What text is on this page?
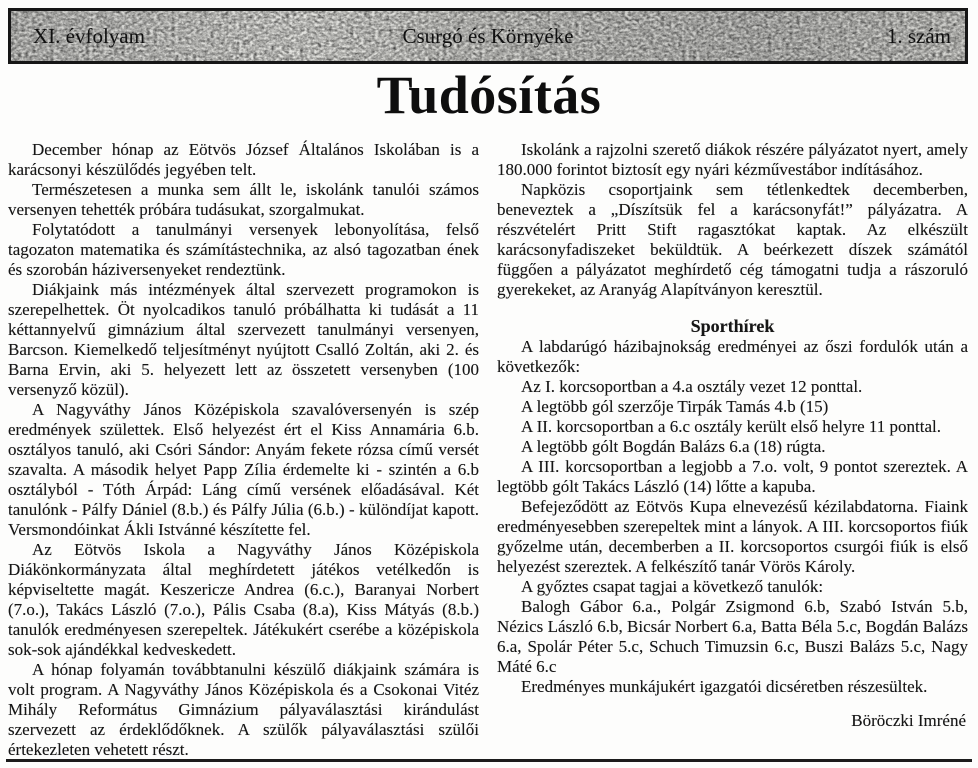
XI. évfolyam	Csurgó és Környéke	1. szám
Tudósítás

December hónap az Eötvös József Általános Iskolában is a karácsonyi készülődés jegyében telt.

Természetesen a munka sem állt le, iskolánk tanulói számos versenyen tehették próbára tudásukat, szorgalmukat.

Folytatódott a tanulmányi versenyek lebonyolítása, felső tagozaton matematika és számítástechnika, az alsó tagozatban ének és szorobán háziversenyeket rendeztünk.

Diákjaink más intézmények által szervezett programokon is szerepelhettek. Öt nyolcadikos tanuló próbálhatta ki tudását a 11 kéttannyelvű gimnázium által szervezett tanulmányi versenyen, Barcson. Kiemelkedő teljesítményt nyújtott Csalló Zoltán, aki 2. és Barna Ervin, aki 5. helyezett lett az összetett versenyben (100 versenyző közül).

A Nagyváthy János Középiskola szavalóversenyén is szép eredmények születtek. Első helyezést ért el Kiss Annamária 6.b. osztályos tanuló, aki Csóri Sándor: Anyám fekete rózsa című versét szavalta. A második helyet Papp Zília érdemelte ki - szintén a 6.b osztályból - Tóth Árpád: Láng című versének előadásával. Két tanulónk - Pálfy Dániel (8.b.) és Pálfy Júlia (6.b.) - különdíjat kapott. Versmondóinkat Ákli Istvánné készítette fel.

Az Eötvös Iskola a Nagyváthy János Középiskola Diákönkormányzata által meghírdetett játékos vetélkedőn is képviseltette magát. Keszericze Andrea (6.c.), Baranyai Norbert (7.o.), Takács László (7.o.), Pális Csaba (8.a), Kiss Mátyás (8.b.) tanulók eredményesen szerepeltek. Játékukért cserébe a középiskola sok-sok ajándékkal kedveskedett.

A hónap folyamán továbbtanulni készülő diákjaink számára is volt program. A Nagyváthy János Középiskola és a Csokonai Vitéz Mihály Református Gimnázium pályaválasztási kirándulást szervezett az érdeklődőknek. A szülők pályaválasztási szülői értekezleten vehetett részt.

Iskolánk a rajzolni szerető diákok részére pályázatot nyert, amely 180.000 forintot biztosít egy nyári kézművestábor indításához.

Napközis csoportjaink sem tétlenkedtek decemberben, beneveztek a „Díszítsük fel a karácsonyfát!” pályázatra. A részvételért Pritt Stift ragasztókat kaptak. Az elkészült karácsonyfadiszeket beküldtük. A beérkezett díszek számától függően a pályázatot meghírdető cég támogatni tudja a rászoruló gyerekeket, az Aranyág Alapítványon keresztül.

Sporthírek

A labdarúgó házibajnokság eredményei az őszi fordulók után a következők:

Az I. korcsoportban a 4.a osztály vezet 12 ponttal.

A legtöbb gól szerzője Tirpák Tamás 4.b (15)

A II. korcsoportban a 6.c osztály került első helyre 11 ponttal.

A legtöbb gólt Bogdán Balázs 6.a (18) rúgta.

A III. korcsoportban a legjobb a 7.o. volt, 9 pontot szereztek. A legtöbb gólt Takács László (14) lőtte a kapuba.

Befejeződött az Eötvös Kupa elnevezésű kézilabdatorna. Fiaink eredményesebben szerepeltek mint a lányok. A III. korcsoportos fiúk győzelme után, decemberben a II. korcsoportos csurgói fiúk is első helyezést szereztek. A felkészítő tanár Vörös Károly.

A győztes csapat tagjai a következő tanulók:

Balogh Gábor 6.a., Polgár Zsigmond 6.b, Szabó István 5.b, Nézics László 6.b, Bicsár Norbert 6.a, Batta Béla 5.c, Bogdán Balázs 6.a, Spolár Péter 5.c, Schuch Timuzsin 6.c, Buszi Balázs 5.c, Nagy Máté 6.c

Eredményes munkájukért igazgatói dicséretben részesültek.

Böröczki Imréné
